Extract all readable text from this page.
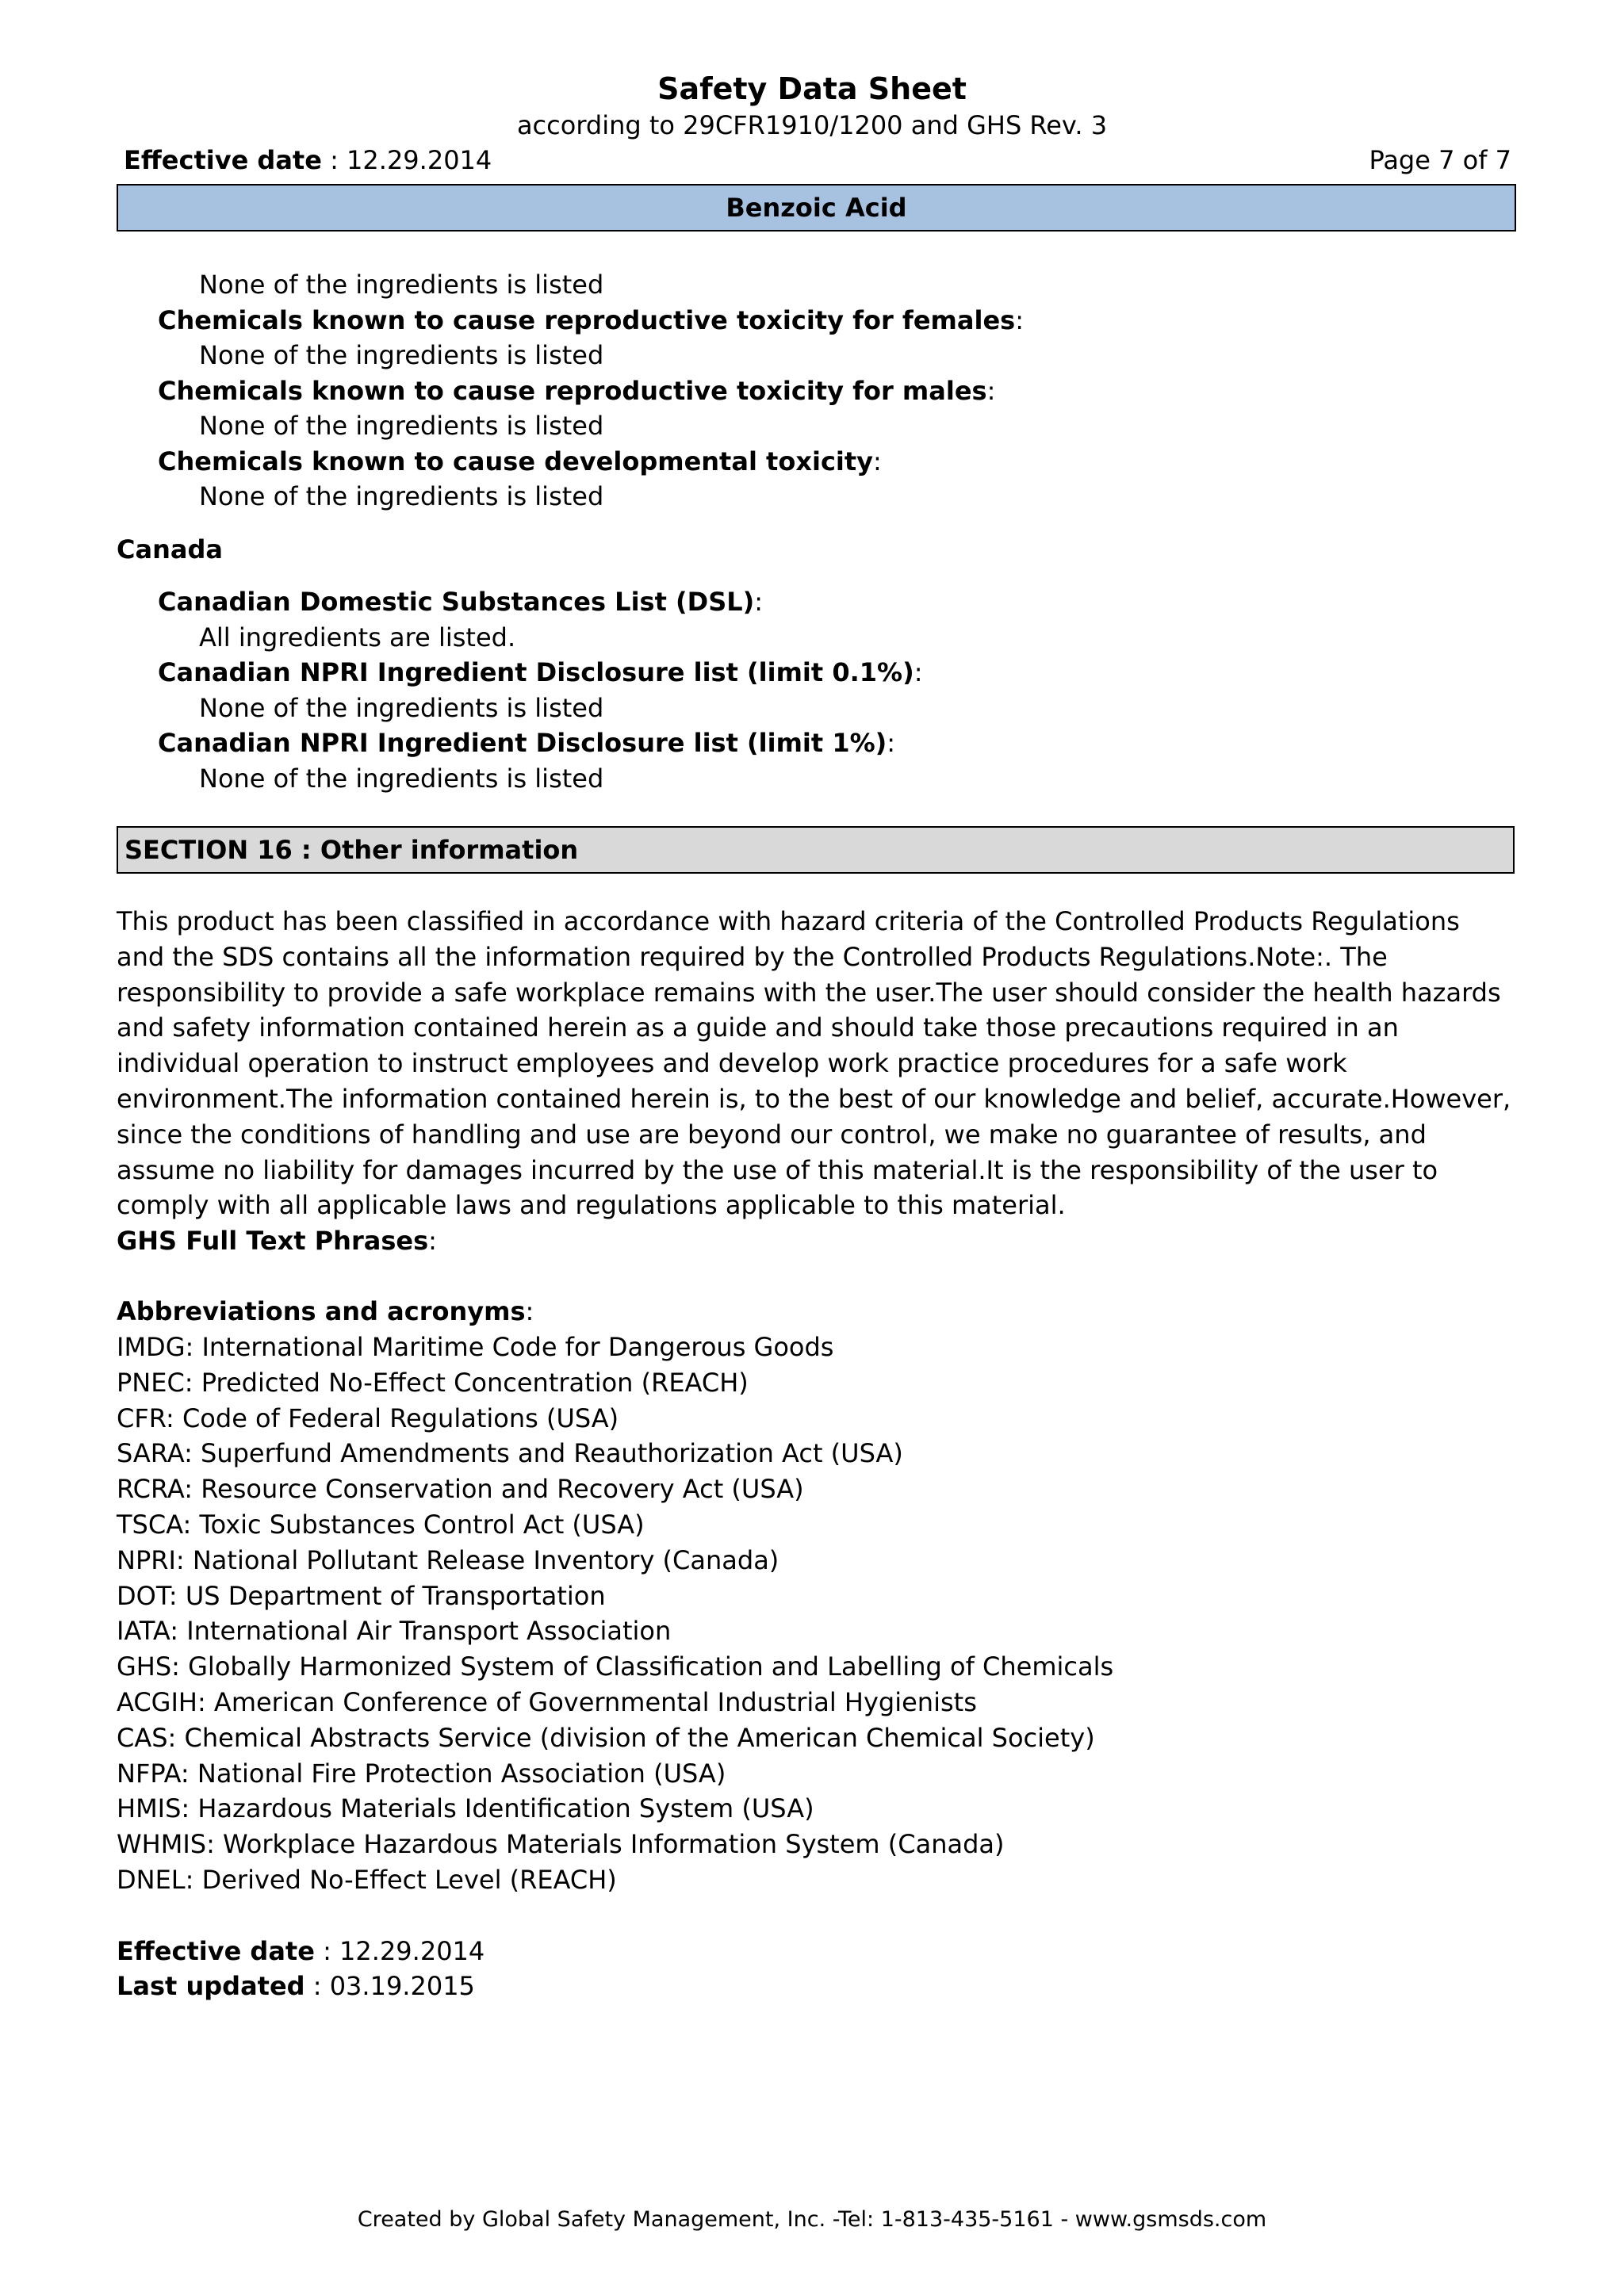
Safety Data Sheet
according to 29CFR1910/1200 and GHS Rev. 3
Effective date : 12.29.2014	Page 7 of 7
Benzoic Acid
None of the ingredients is listed
Chemicals known to cause reproductive toxicity for females:
None of the ingredients is listed
Chemicals known to cause reproductive toxicity for males:
None of the ingredients is listed
Chemicals known to cause developmental toxicity:
None of the ingredients is listed
Canada
Canadian Domestic Substances List (DSL):
All ingredients are listed.
Canadian NPRI Ingredient Disclosure list (limit 0.1%):
None of the ingredients is listed
Canadian NPRI Ingredient Disclosure list (limit 1%):
None of the ingredients is listed
SECTION 16 : Other information
This product has been classified in accordance with hazard criteria of the Controlled Products Regulations and the SDS contains all the information required by the Controlled Products Regulations.Note:. The responsibility to provide a safe workplace remains with the user.The user should consider the health hazards and safety information contained herein as a guide and should take those precautions required in an individual operation to instruct employees and develop work practice procedures for a safe work environment.The information contained herein is, to the best of our knowledge and belief, accurate.However, since the conditions of handling and use are beyond our control, we make no guarantee of results, and assume no liability for damages incurred by the use of this material.It is the responsibility of the user to comply with all applicable laws and regulations applicable to this material.
GHS Full Text Phrases:
Abbreviations and acronyms:
IMDG: International Maritime Code for Dangerous Goods
PNEC: Predicted No-Effect Concentration (REACH)
CFR: Code of Federal Regulations (USA)
SARA: Superfund Amendments and Reauthorization Act (USA)
RCRA: Resource Conservation and Recovery Act (USA)
TSCA: Toxic Substances Control Act (USA)
NPRI: National Pollutant Release Inventory (Canada)
DOT: US Department of Transportation
IATA: International Air Transport Association
GHS: Globally Harmonized System of Classification and Labelling of Chemicals
ACGIH: American Conference of Governmental Industrial Hygienists
CAS: Chemical Abstracts Service (division of the American Chemical Society)
NFPA: National Fire Protection Association (USA)
HMIS: Hazardous Materials Identification System (USA)
WHMIS: Workplace Hazardous Materials Information System (Canada)
DNEL: Derived No-Effect Level (REACH)
Effective date : 12.29.2014
Last updated : 03.19.2015
Created by Global Safety Management, Inc. -Tel: 1-813-435-5161 - www.gsmsds.com
